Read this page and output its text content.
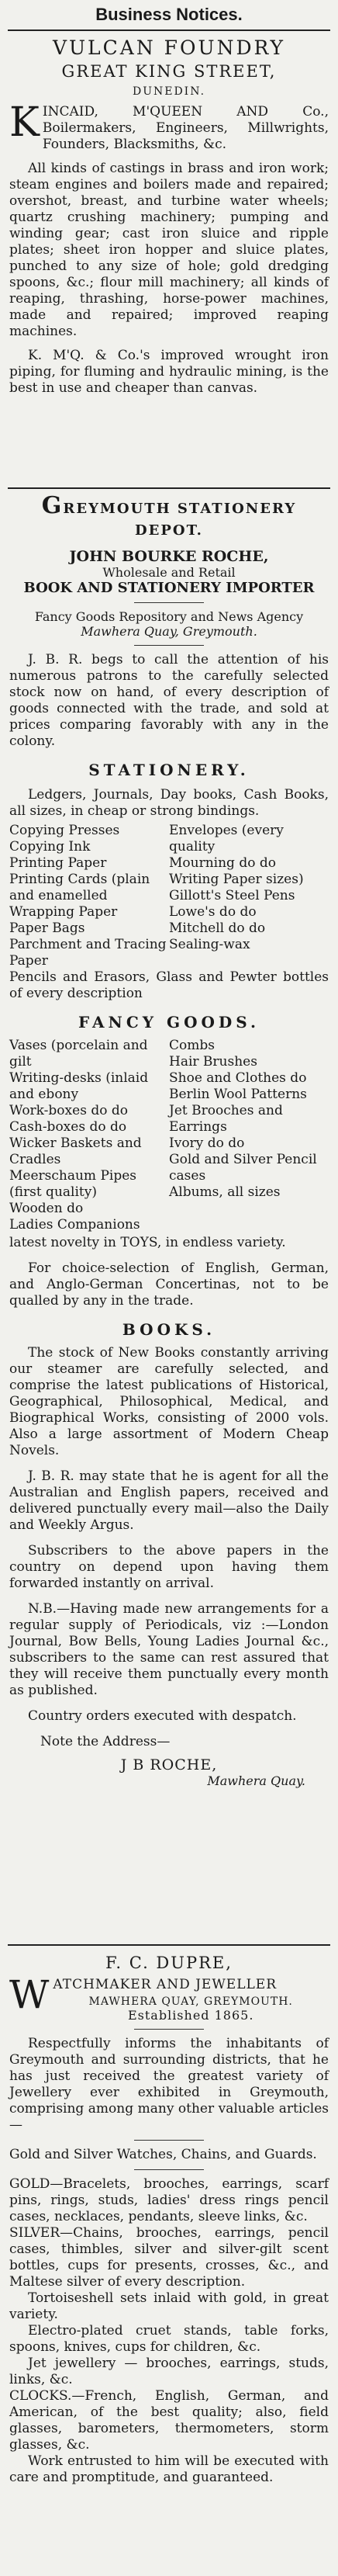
Business Notices.
VULCAN FOUNDRY
GREAT KING STREET,
DUNEDIN.
KINCAID, M'QUEEN AND Co., Boilermakers, Engineers, Millwrights, Founders, Blacksmiths, &c.
All kinds of castings in brass and iron work; steam engines and boilers made and repaired; overshot, breast, and turbine water wheels; quartz crushing machinery; pumping and winding gear; cast iron sluice and ripple plates; sheet iron hopper and sluice plates, punched to any size of hole; gold dredging spoons, &c.; flour mill machinery; all kinds of reaping, thrashing, horse-power machines, made and repaired; improved reaping machines.
K. M'Q. & Co.'s improved wrought iron piping, for fluming and hydraulic mining, is the best in use and cheaper than canvas.
GREYMOUTH STATIONERY DEPOT.
JOHN BOURKE ROCHE,
Wholesale and Retail
BOOK AND STATIONERY IMPORTER
Fancy Goods Repository and News Agency
Mawhera Quay, Greymouth.
J. B. R. begs to call the attention of his numerous patrons to the carefully selected stock now on hand, of every description of goods connected with the trade, and sold at prices comparing favorably with any in the colony.
STATIONERY.
Ledgers, Journals, Day books, Cash Books, all sizes, in cheap or strong bindings.
Copying Presses
Copying Ink
Printing Paper
Printing Cards (plain and enamelled
Wrapping Paper
Paper Bags
Parchment and Tracing Paper
Envelopes (every quality
Mourning do do
Writing Paper sizes)
Gillott's Steel Pens
Lowe's do do
Mitchell do do
Sealing-wax
Pencils and Erasors, Glass and Pewter bottles of every description
FANCY GOODS.
Vases (porcelain and gilt
Writing-desks (inlaid and ebony
Work-boxes do do
Cash-boxes do do
Wicker Baskets and Cradles
Meerschaum Pipes (first quality)
Wooden do
Ladies Companions
Combs
Hair Brushes
Shoe and Clothes do
Berlin Wool Patterns
Jet Brooches and Earrings
Ivory do do
Gold and Silver Pencil cases
Albums, all sizes
latest novelty in TOYS, in endless variety.
For choice-selection of English, German, and Anglo-German Concertinas, not to be qualled by any in the trade.
BOOKS.
The stock of New Books constantly arriving our steamer are carefully selected, and comprise the latest publications of Historical, Geographical, Philosophical, Medical, and Biographical Works, consisting of 2000 vols. Also a large assortment of Modern Cheap Novels.
J. B. R. may state that he is agent for all the Australian and English papers, received and delivered punctually every mail—also the Daily and Weekly Argus.
Subscribers to the above papers in the country on depend upon having them forwarded instantly on arrival.
N.B.—Having made new arrangements for a regular supply of Periodicals, viz :—London Journal, Bow Bells, Young Ladies Journal &c., subscribers to the same can rest assured that they will receive them punctually every month as published.
Country orders executed with despatch.
Note the Address—
J B ROCHE,
Mawhera Quay.
F. C. DUPRE,
WATCHMAKER AND JEWELLER
MAWHERA QUAY, GREYMOUTH.
Established 1865.
Respectfully informs the inhabitants of Greymouth and surrounding districts, that he has just received the greatest variety of Jewellery ever exhibited in Greymouth, comprising among many other valuable articles—
Gold and Silver Watches, Chains, and Guards.
GOLD—Bracelets, brooches, earrings, scarf pins, rings, studs, ladies' dress rings pencil cases, necklaces, pendants, sleeve links, &c.
SILVER—Chains, brooches, earrings, pencil cases, thimbles, silver and silver-gilt scent bottles, cups for presents, crosses, &c., and Maltese silver of every description.
Tortoiseshell sets inlaid with gold, in great variety.
Electro-plated cruet stands, table forks, spoons, knives, cups for children, &c.
Jet jewellery — brooches, earrings, studs, links, &c.
CLOCKS.—French, English, German, and American, of the best quality; also, field glasses, barometers, thermometers, storm glasses, &c.
Work entrusted to him will be executed with care and promptitude, and guaranteed.
